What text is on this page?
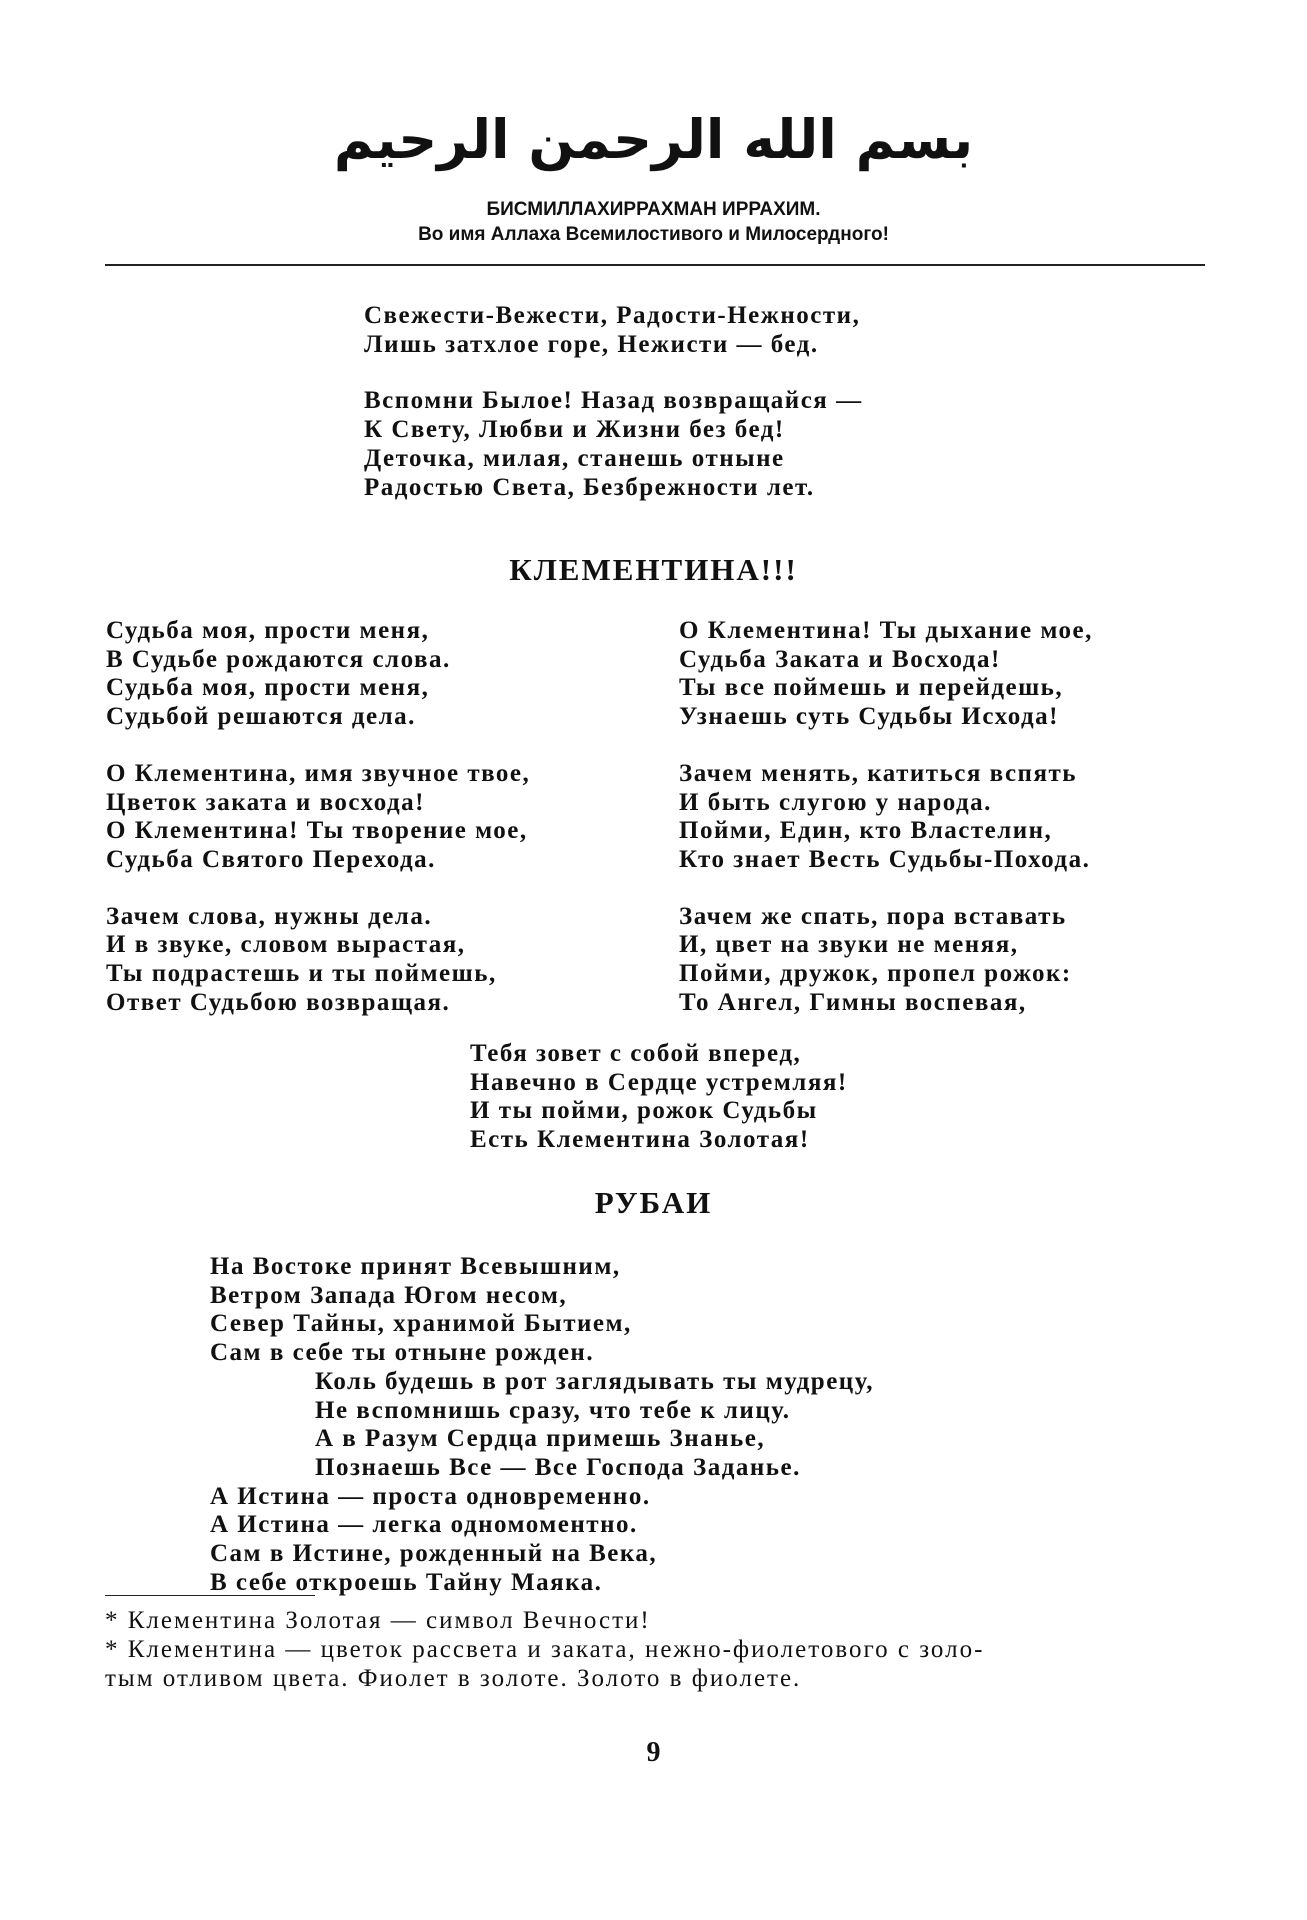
بسم الله الرحمن الرحيم
БИСМИЛЛАХИРРАХМАН ИРРАХИМ.
Во имя Аллаха Всемилостивого и Милосердного!
Свежести-Вежести, Радости-Нежности,
Лишь затхлое горе, Нежисти — бед.
Вспомни Былое! Назад возвращайся —
К Свету, Любви и Жизни без бед!
Деточка, милая, станешь отныне
Радостью Света, Безбрежности лет.
КЛЕМЕНТИНА!!!
Судьба моя, прости меня,
В Судьбе рождаются слова.
Судьба моя, прости меня,
Судьбой решаются дела.
О Клементина, имя звучное твое,
Цветок заката и восхода!
О Клементина! Ты творение мое,
Судьба Святого Перехода.
Зачем слова, нужны дела.
И в звуке, словом вырастая,
Ты подрастешь и ты поймешь,
Ответ Судьбою возвращая.
О Клементина! Ты дыхание мое,
Судьба Заката и Восхода!
Ты все поймешь и перейдешь,
Узнаешь суть Судьбы Исхода!
Зачем менять, катиться вспять
И быть слугою у народа.
Пойми, Един, кто Властелин,
Кто знает Весть Судьбы-Похода.
Зачем же спать, пора вставать
И, цвет на звуки не меняя,
Пойми, дружок, пропел рожок:
То Ангел, Гимны воспевая,
Тебя зовет с собой вперед,
Навечно в Сердце устремляя!
И ты пойми, рожок Судьбы
Есть Клементина Золотая!
РУБАИ
На Востоке принят Всевышним,
Ветром Запада Югом несом,
Север Тайны, хранимой Бытием,
Сам в себе ты отныне рожден.
Коль будешь в рот заглядывать ты мудрецу,
Не вспомнишь сразу, что тебе к лицу.
А в Разум Сердца примешь Знанье,
Познаешь Все — Все Господа Заданье.
А Истина — проста одновременно.
А Истина — легка одномоментно.
Сам в Истине, рожденный на Века,
В себе откроешь Тайну Маяка.
* Клементина Золотая — символ Вечности!
* Клементина — цветок рассвета и заката, нежно-фиолетового с золо-
тым отливом цвета. Фиолет в золоте. Золото в фиолете.
9
